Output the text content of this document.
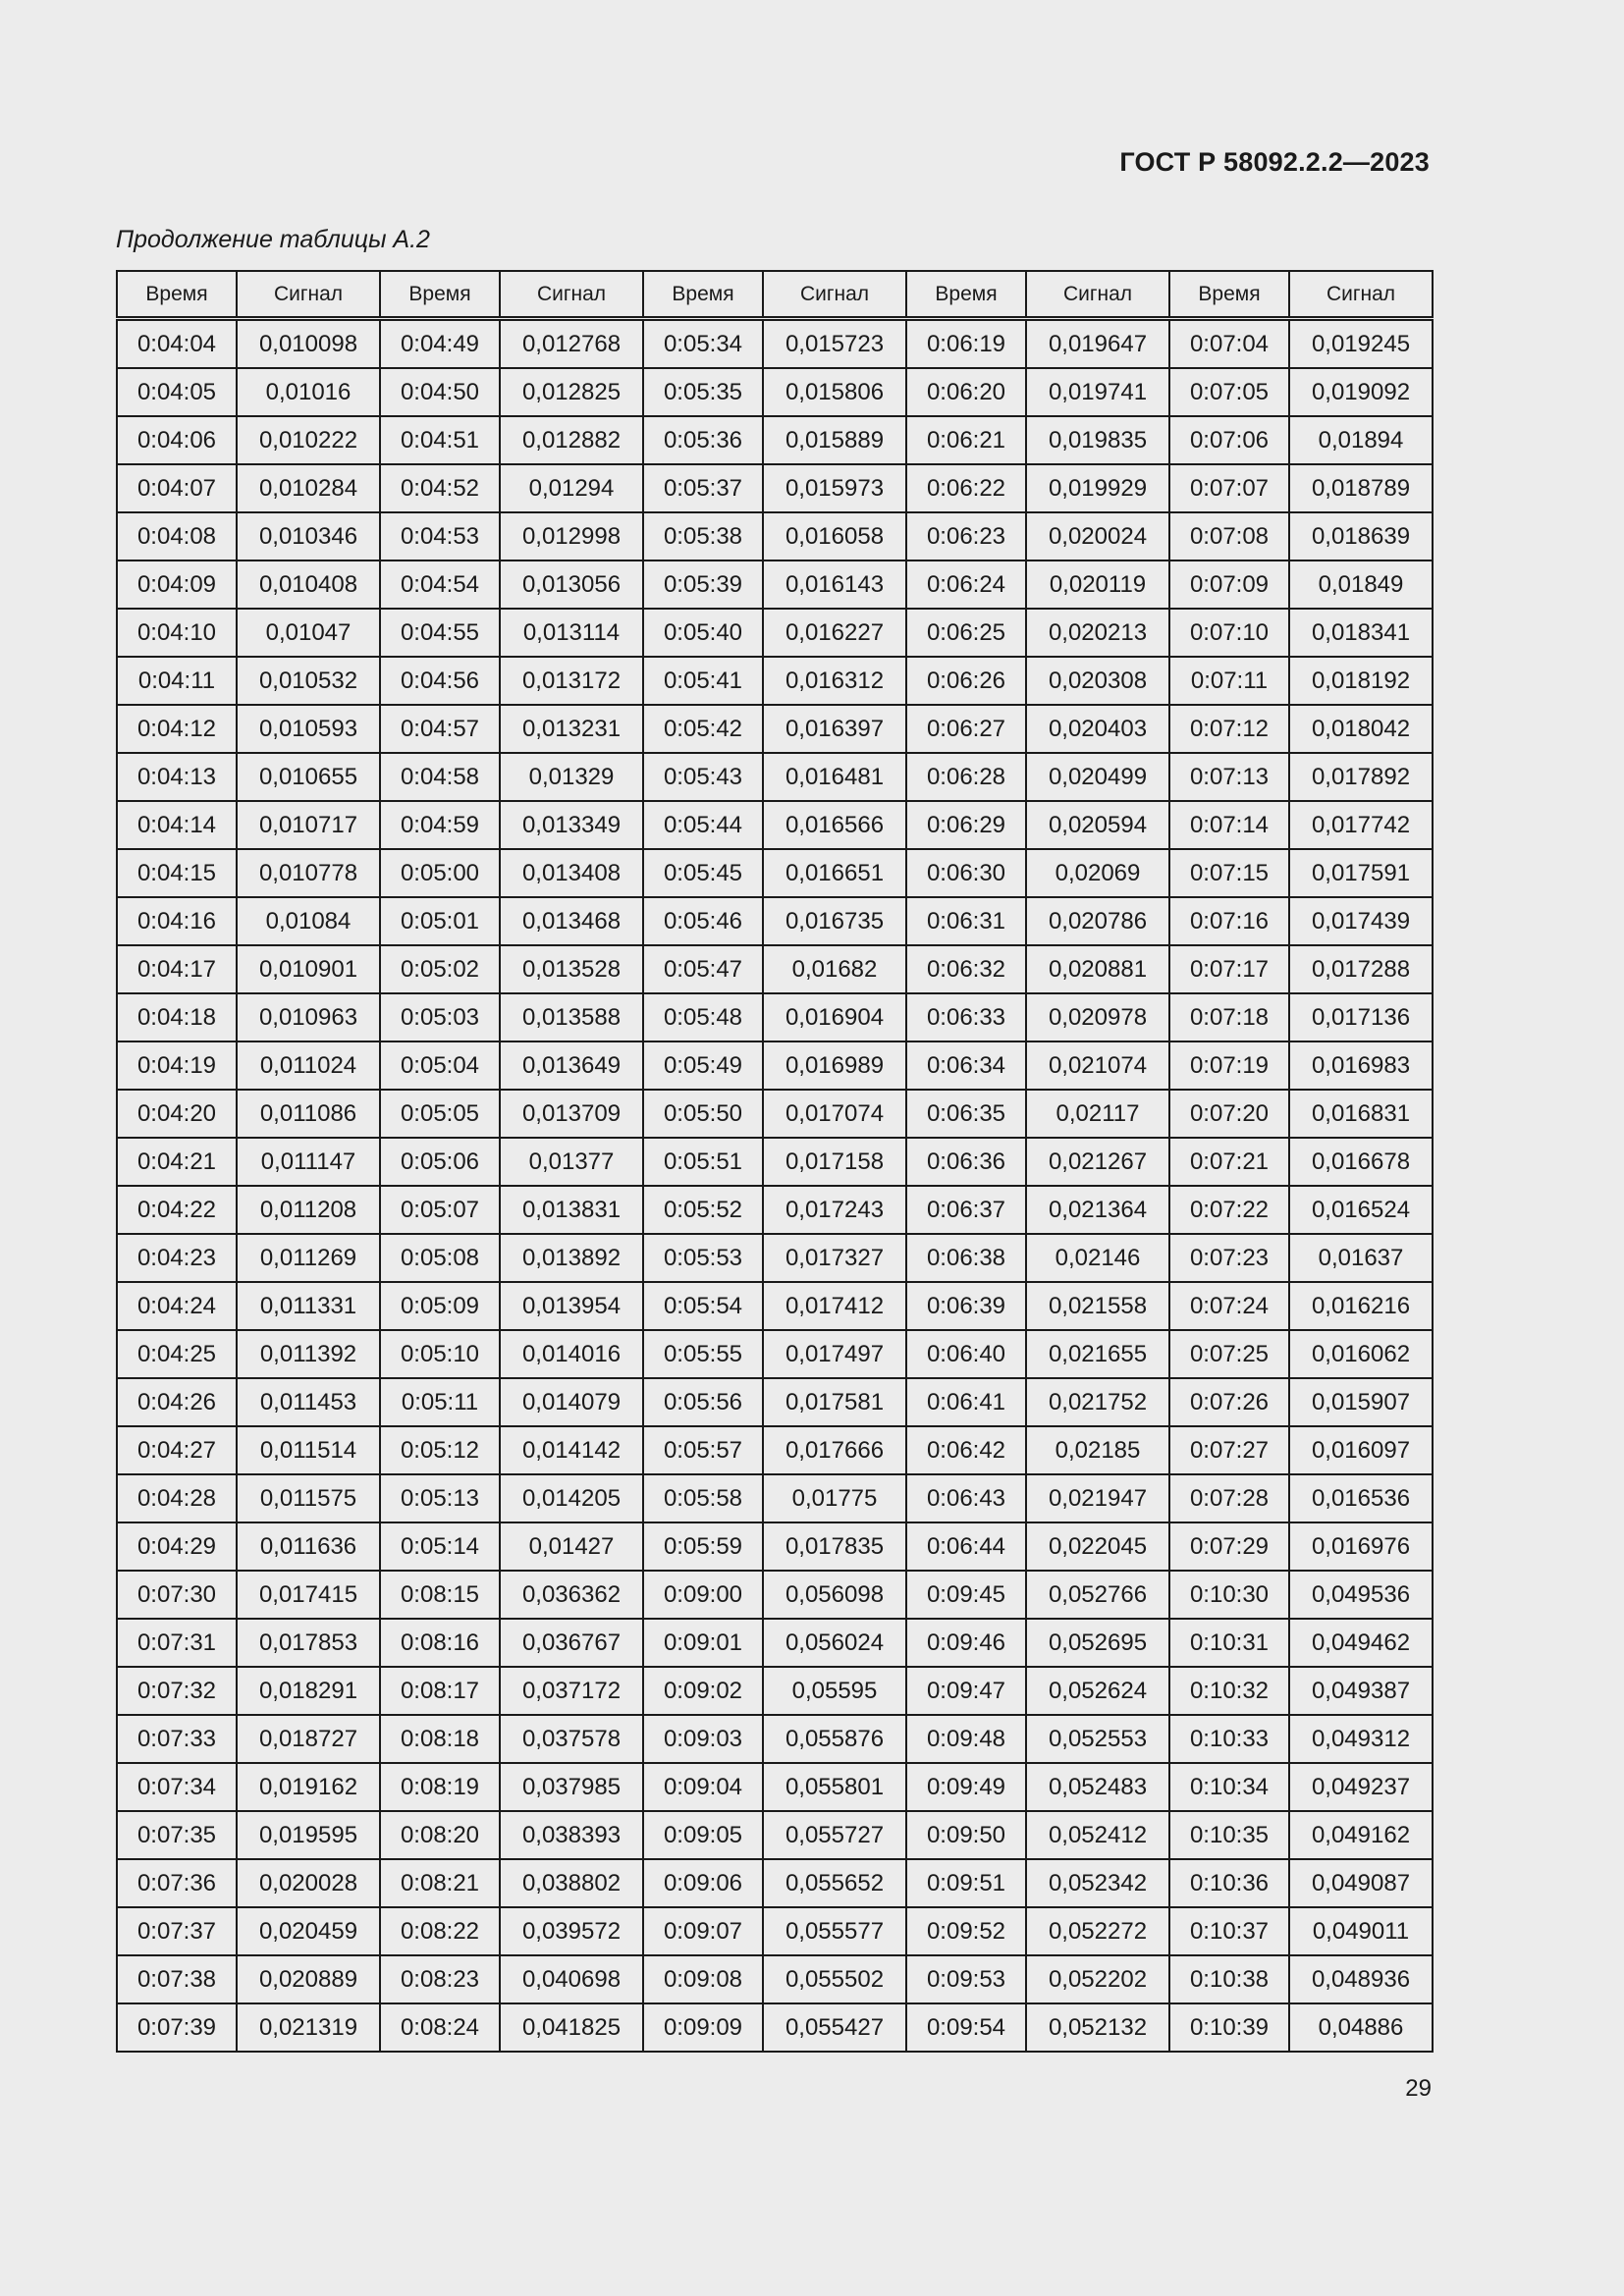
ГОСТ Р 58092.2.2—2023
Продолжение таблицы А.2
Время	Сигнал	Время	Сигнал	Время	Сигнал	Время	Сигнал	Время	Сигнал
0:04:04	0,010098	0:04:49	0,012768	0:05:34	0,015723	0:06:19	0,019647	0:07:04	0,019245
0:04:05	0,01016	0:04:50	0,012825	0:05:35	0,015806	0:06:20	0,019741	0:07:05	0,019092
0:04:06	0,010222	0:04:51	0,012882	0:05:36	0,015889	0:06:21	0,019835	0:07:06	0,01894
0:04:07	0,010284	0:04:52	0,01294	0:05:37	0,015973	0:06:22	0,019929	0:07:07	0,018789
0:04:08	0,010346	0:04:53	0,012998	0:05:38	0,016058	0:06:23	0,020024	0:07:08	0,018639
0:04:09	0,010408	0:04:54	0,013056	0:05:39	0,016143	0:06:24	0,020119	0:07:09	0,01849
0:04:10	0,01047	0:04:55	0,013114	0:05:40	0,016227	0:06:25	0,020213	0:07:10	0,018341
0:04:11	0,010532	0:04:56	0,013172	0:05:41	0,016312	0:06:26	0,020308	0:07:11	0,018192
0:04:12	0,010593	0:04:57	0,013231	0:05:42	0,016397	0:06:27	0,020403	0:07:12	0,018042
0:04:13	0,010655	0:04:58	0,01329	0:05:43	0,016481	0:06:28	0,020499	0:07:13	0,017892
0:04:14	0,010717	0:04:59	0,013349	0:05:44	0,016566	0:06:29	0,020594	0:07:14	0,017742
0:04:15	0,010778	0:05:00	0,013408	0:05:45	0,016651	0:06:30	0,02069	0:07:15	0,017591
0:04:16	0,01084	0:05:01	0,013468	0:05:46	0,016735	0:06:31	0,020786	0:07:16	0,017439
0:04:17	0,010901	0:05:02	0,013528	0:05:47	0,01682	0:06:32	0,020881	0:07:17	0,017288
0:04:18	0,010963	0:05:03	0,013588	0:05:48	0,016904	0:06:33	0,020978	0:07:18	0,017136
0:04:19	0,011024	0:05:04	0,013649	0:05:49	0,016989	0:06:34	0,021074	0:07:19	0,016983
0:04:20	0,011086	0:05:05	0,013709	0:05:50	0,017074	0:06:35	0,02117	0:07:20	0,016831
0:04:21	0,011147	0:05:06	0,01377	0:05:51	0,017158	0:06:36	0,021267	0:07:21	0,016678
0:04:22	0,011208	0:05:07	0,013831	0:05:52	0,017243	0:06:37	0,021364	0:07:22	0,016524
0:04:23	0,011269	0:05:08	0,013892	0:05:53	0,017327	0:06:38	0,02146	0:07:23	0,01637
0:04:24	0,011331	0:05:09	0,013954	0:05:54	0,017412	0:06:39	0,021558	0:07:24	0,016216
0:04:25	0,011392	0:05:10	0,014016	0:05:55	0,017497	0:06:40	0,021655	0:07:25	0,016062
0:04:26	0,011453	0:05:11	0,014079	0:05:56	0,017581	0:06:41	0,021752	0:07:26	0,015907
0:04:27	0,011514	0:05:12	0,014142	0:05:57	0,017666	0:06:42	0,02185	0:07:27	0,016097
0:04:28	0,011575	0:05:13	0,014205	0:05:58	0,01775	0:06:43	0,021947	0:07:28	0,016536
0:04:29	0,011636	0:05:14	0,01427	0:05:59	0,017835	0:06:44	0,022045	0:07:29	0,016976
0:07:30	0,017415	0:08:15	0,036362	0:09:00	0,056098	0:09:45	0,052766	0:10:30	0,049536
0:07:31	0,017853	0:08:16	0,036767	0:09:01	0,056024	0:09:46	0,052695	0:10:31	0,049462
0:07:32	0,018291	0:08:17	0,037172	0:09:02	0,05595	0:09:47	0,052624	0:10:32	0,049387
0:07:33	0,018727	0:08:18	0,037578	0:09:03	0,055876	0:09:48	0,052553	0:10:33	0,049312
0:07:34	0,019162	0:08:19	0,037985	0:09:04	0,055801	0:09:49	0,052483	0:10:34	0,049237
0:07:35	0,019595	0:08:20	0,038393	0:09:05	0,055727	0:09:50	0,052412	0:10:35	0,049162
0:07:36	0,020028	0:08:21	0,038802	0:09:06	0,055652	0:09:51	0,052342	0:10:36	0,049087
0:07:37	0,020459	0:08:22	0,039572	0:09:07	0,055577	0:09:52	0,052272	0:10:37	0,049011
0:07:38	0,020889	0:08:23	0,040698	0:09:08	0,055502	0:09:53	0,052202	0:10:38	0,048936
0:07:39	0,021319	0:08:24	0,041825	0:09:09	0,055427	0:09:54	0,052132	0:10:39	0,04886
29
